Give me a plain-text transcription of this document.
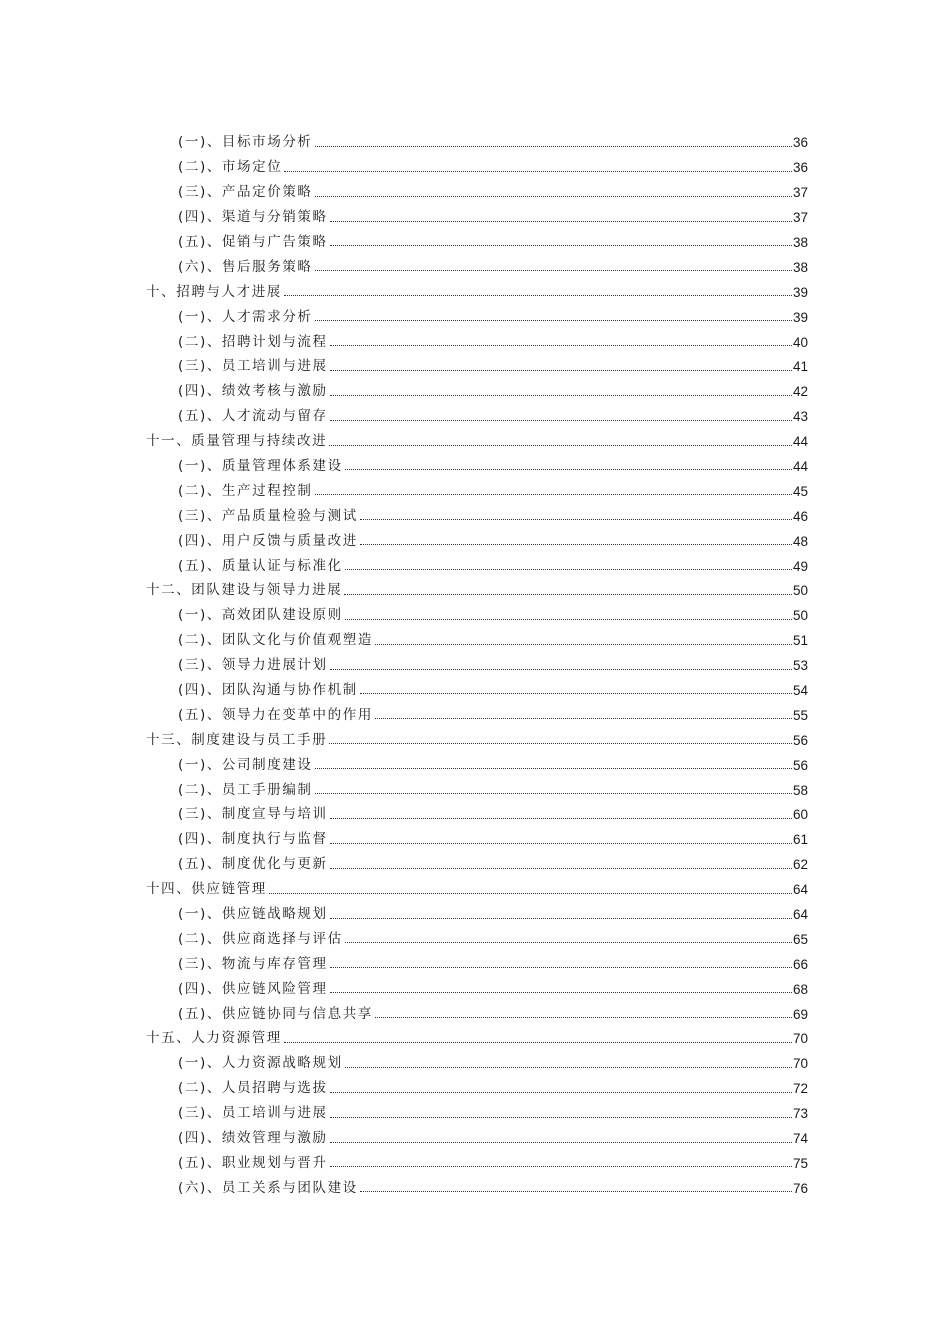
(一)、目标市场分析	36
(二)、市场定位	36
(三)、产品定价策略	37
(四)、渠道与分销策略	37
(五)、促销与广告策略	38
(六)、售后服务策略	38
十、招聘与人才进展	39
(一)、人才需求分析	39
(二)、招聘计划与流程	40
(三)、员工培训与进展	41
(四)、绩效考核与激励	42
(五)、人才流动与留存	43
十一、质量管理与持续改进	44
(一)、质量管理体系建设	44
(二)、生产过程控制	45
(三)、产品质量检验与测试	46
(四)、用户反馈与质量改进	48
(五)、质量认证与标准化	49
十二、团队建设与领导力进展	50
(一)、高效团队建设原则	50
(二)、团队文化与价值观塑造	51
(三)、领导力进展计划	53
(四)、团队沟通与协作机制	54
(五)、领导力在变革中的作用	55
十三、制度建设与员工手册	56
(一)、公司制度建设	56
(二)、员工手册编制	58
(三)、制度宣导与培训	60
(四)、制度执行与监督	61
(五)、制度优化与更新	62
十四、供应链管理	64
(一)、供应链战略规划	64
(二)、供应商选择与评估	65
(三)、物流与库存管理	66
(四)、供应链风险管理	68
(五)、供应链协同与信息共享	69
十五、人力资源管理	70
(一)、人力资源战略规划	70
(二)、人员招聘与选拔	72
(三)、员工培训与进展	73
(四)、绩效管理与激励	74
(五)、职业规划与晋升	75
(六)、员工关系与团队建设	76
